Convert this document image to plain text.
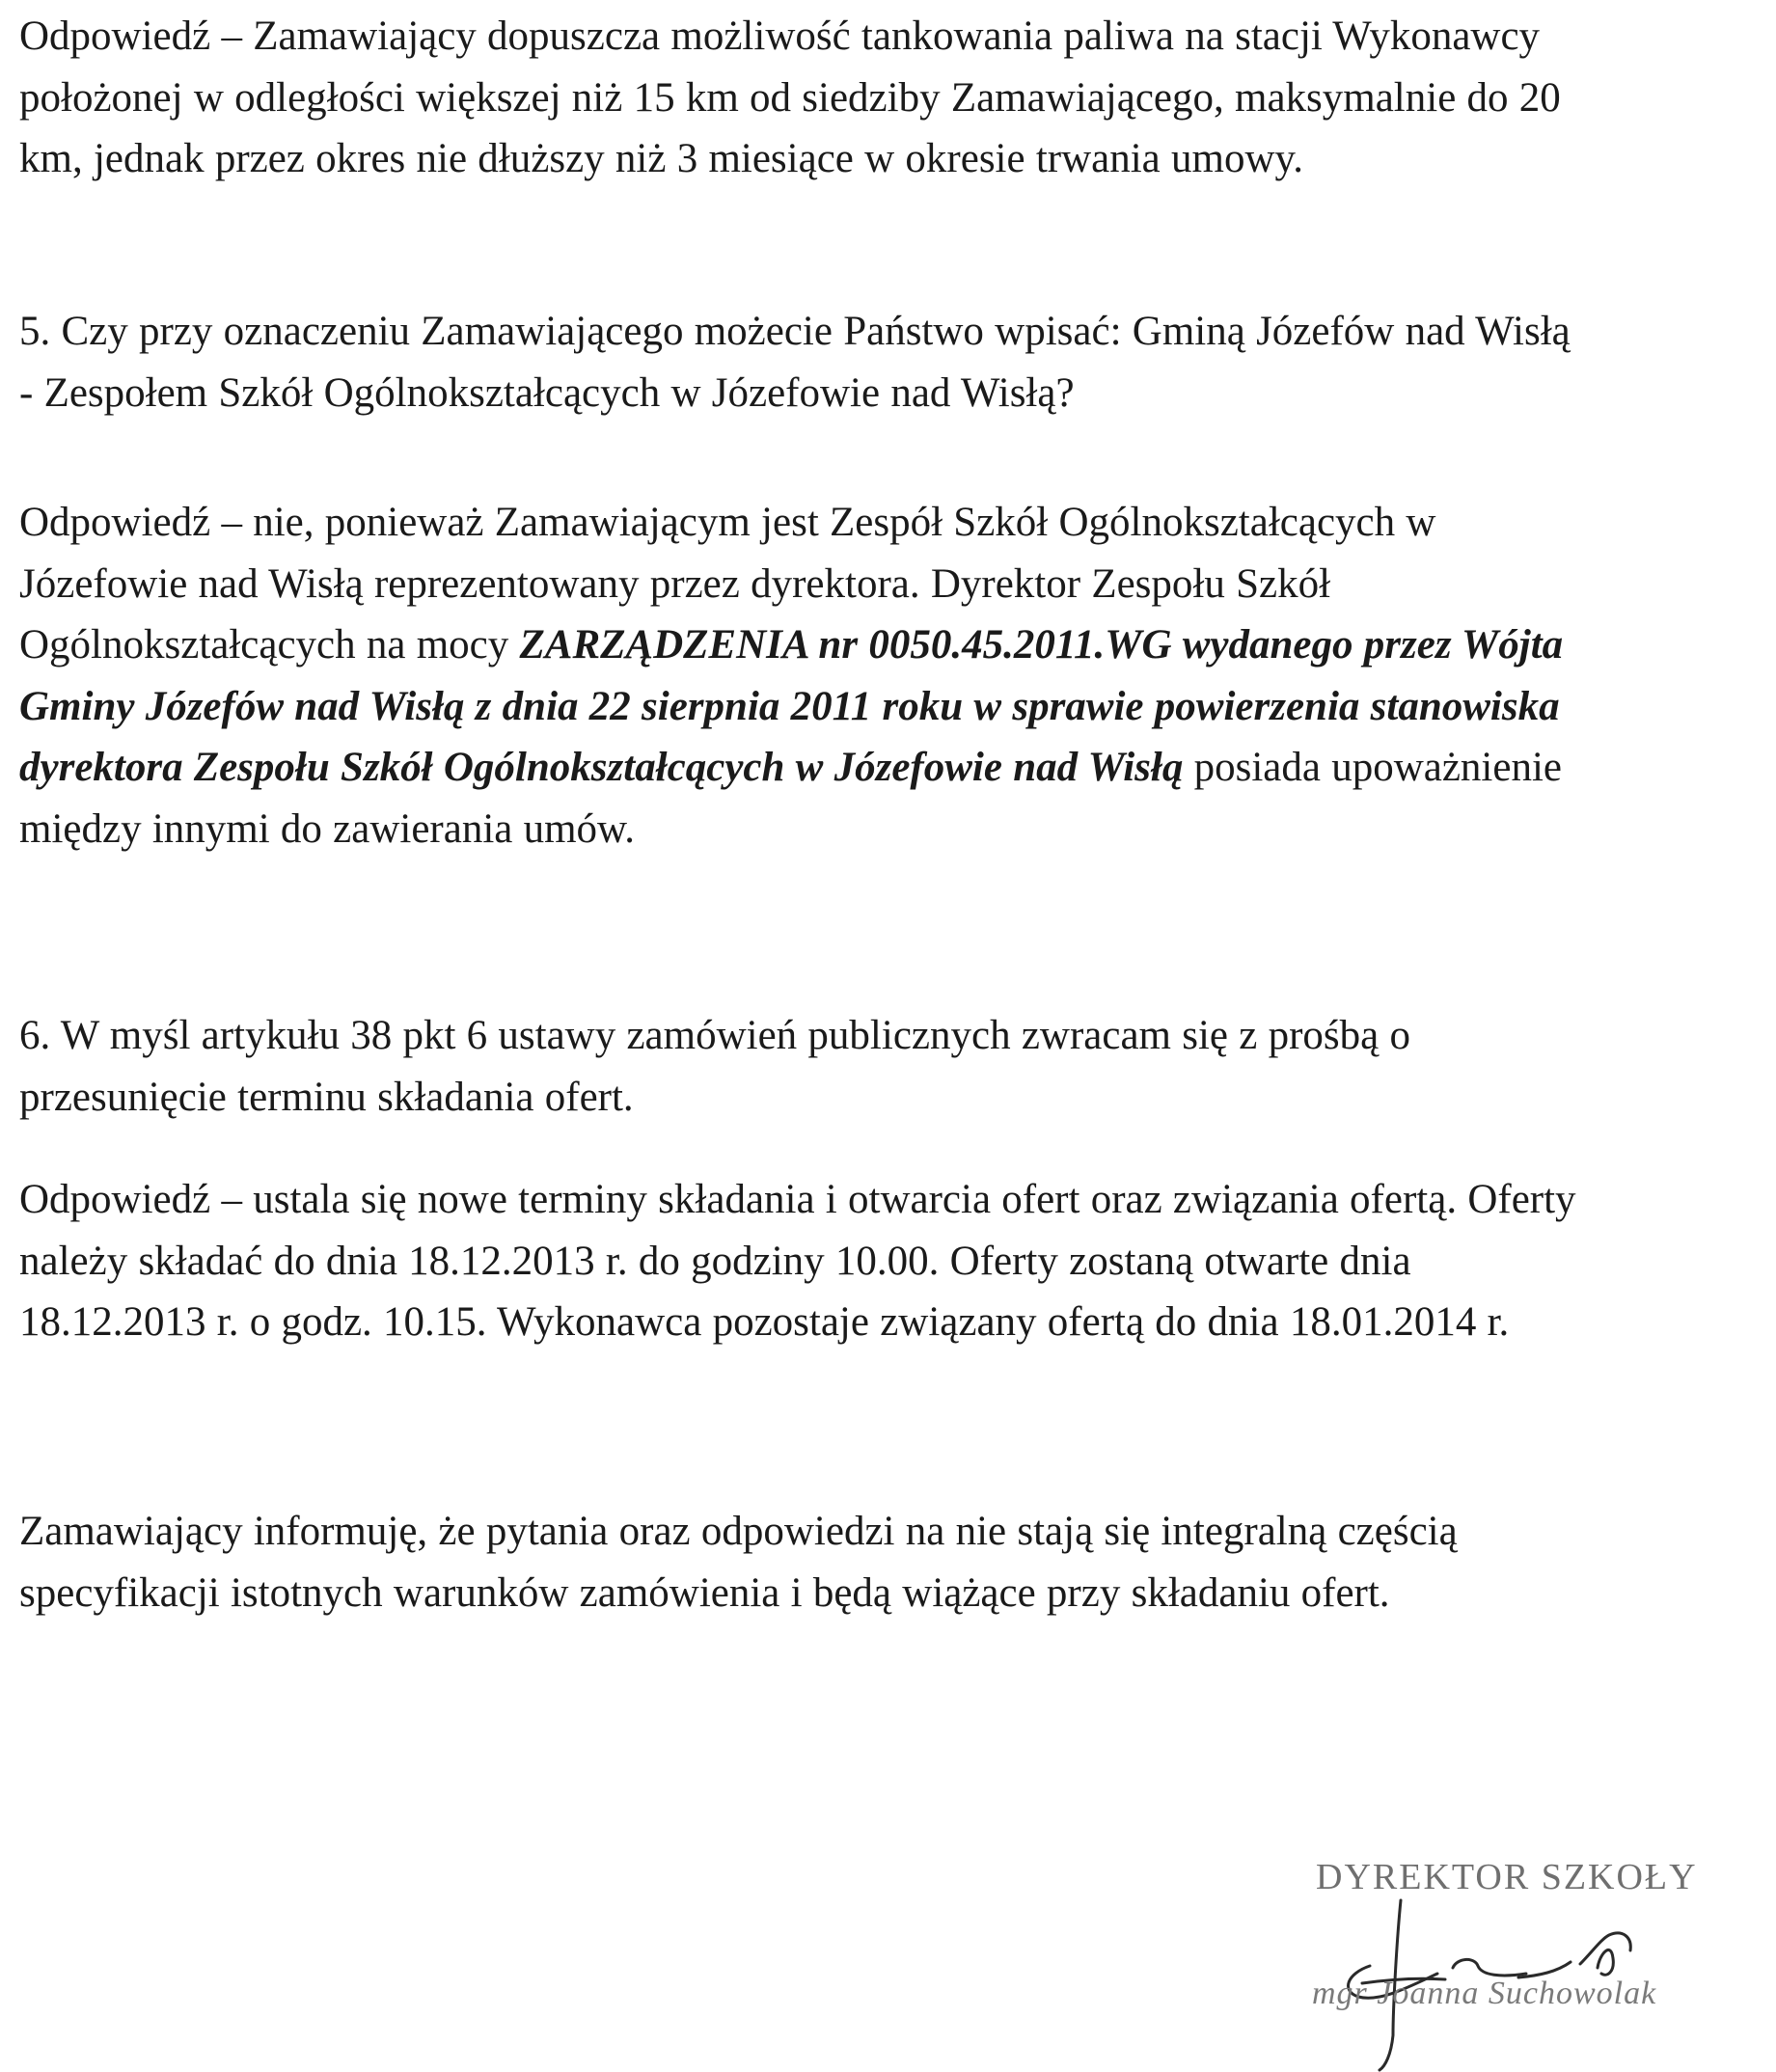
Odpowiedź – Zamawiający dopuszcza możliwość tankowania paliwa na stacji Wykonawcy
położonej w odległości większej niż 15 km od siedziby Zamawiającego, maksymalnie do 20
km, jednak przez okres nie dłuższy niż 3 miesiące w okresie trwania umowy.

5. Czy przy oznaczeniu Zamawiającego możecie Państwo wpisać: Gminą Józefów nad Wisłą
- Zespołem Szkół Ogólnokształcących w Józefowie nad Wisłą?

Odpowiedź – nie, ponieważ Zamawiającym jest Zespół Szkół Ogólnokształcących w
Józefowie nad Wisłą reprezentowany przez dyrektora. Dyrektor Zespołu Szkół
Ogólnokształcących na mocy ZARZĄDZENIA nr 0050.45.2011.WG wydanego przez Wójta
Gminy Józefów nad Wisłą z dnia 22 sierpnia 2011 roku w sprawie powierzenia stanowiska
dyrektora Zespołu Szkół Ogólnokształcących w Józefowie nad Wisłą posiada upoważnienie
między innymi do zawierania umów.

6. W myśl artykułu 38 pkt 6 ustawy zamówień publicznych zwracam się z prośbą o
przesunięcie terminu składania ofert.

Odpowiedź – ustala się nowe terminy składania i otwarcia ofert oraz związania ofertą. Oferty
należy składać do dnia 18.12.2013 r. do godziny 10.00. Oferty zostaną otwarte dnia
18.12.2013 r. o godz. 10.15. Wykonawca pozostaje związany ofertą do dnia 18.01.2014 r.

Zamawiający informuję, że pytania oraz odpowiedzi na nie stają się integralną częścią
specyfikacji istotnych warunków zamówienia i będą wiążące przy składaniu ofert.

DYREKTOR SZKOŁY

mgr Joanna Suchowolak
